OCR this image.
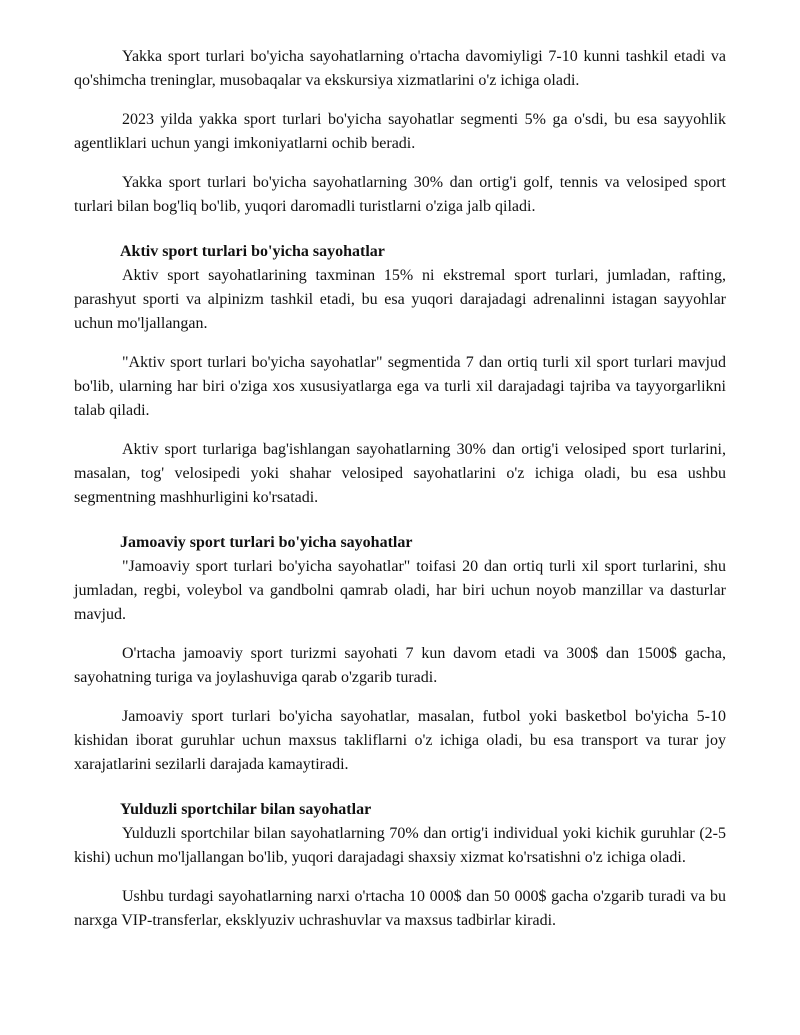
Yakka sport turlari bo'yicha sayohatlarning o'rtacha davomiyligi 7-10 kunni tashkil etadi va qo'shimcha treninglar, musobaqalar va ekskursiya xizmatlarini o'z ichiga oladi.

2023 yilda yakka sport turlari bo'yicha sayohatlar segmenti 5% ga o'sdi, bu esa sayyohlik agentliklari uchun yangi imkoniyatlarni ochib beradi.

Yakka sport turlari bo'yicha sayohatlarning 30% dan ortig'i golf, tennis va velosiped sport turlari bilan bog'liq bo'lib, yuqori daromadli turistlarni o'ziga jalb qiladi.

Aktiv sport turlari bo'yicha sayohatlar

Aktiv sport sayohatlarining taxminan 15% ni ekstremal sport turlari, jumladan, rafting, parashyut sporti va alpinizm tashkil etadi, bu esa yuqori darajadagi adrenalinni istagan sayyohlar uchun mo'ljallangan.

"Aktiv sport turlari bo'yicha sayohatlar" segmentida 7 dan ortiq turli xil sport turlari mavjud bo'lib, ularning har biri o'ziga xos xususiyatlarga ega va turli xil darajadagi tajriba va tayyorgarlikni talab qiladi.

Aktiv sport turlariga bag'ishlangan sayohatlarning 30% dan ortig'i velosiped sport turlarini, masalan, tog' velosipedi yoki shahar velosiped sayohatlarini o'z ichiga oladi, bu esa ushbu segmentning mashhurligini ko'rsatadi.

Jamoaviy sport turlari bo'yicha sayohatlar

"Jamoaviy sport turlari bo'yicha sayohatlar" toifasi 20 dan ortiq turli xil sport turlarini, shu jumladan, regbi, voleybol va gandbolni qamrab oladi, har biri uchun noyob manzillar va dasturlar mavjud.

O'rtacha jamoaviy sport turizmi sayohati 7 kun davom etadi va 300$ dan 1500$ gacha, sayohatning turiga va joylashuviga qarab o'zgarib turadi.

Jamoaviy sport turlari bo'yicha sayohatlar, masalan, futbol yoki basketbol bo'yicha 5-10 kishidan iborat guruhlar uchun maxsus takliflarni o'z ichiga oladi, bu esa transport va turar joy xarajatlarini sezilarli darajada kamaytiradi.

Yulduzli sportchilar bilan sayohatlar

Yulduzli sportchilar bilan sayohatlarning 70% dan ortig'i individual yoki kichik guruhlar (2-5 kishi) uchun mo'ljallangan bo'lib, yuqori darajadagi shaxsiy xizmat ko'rsatishni o'z ichiga oladi.

Ushbu turdagi sayohatlarning narxi o'rtacha 10 000$ dan 50 000$ gacha o'zgarib turadi va bu narxga VIP-transferlar, eksklyuziv uchrashuvlar va maxsus tadbirlar kiradi.
